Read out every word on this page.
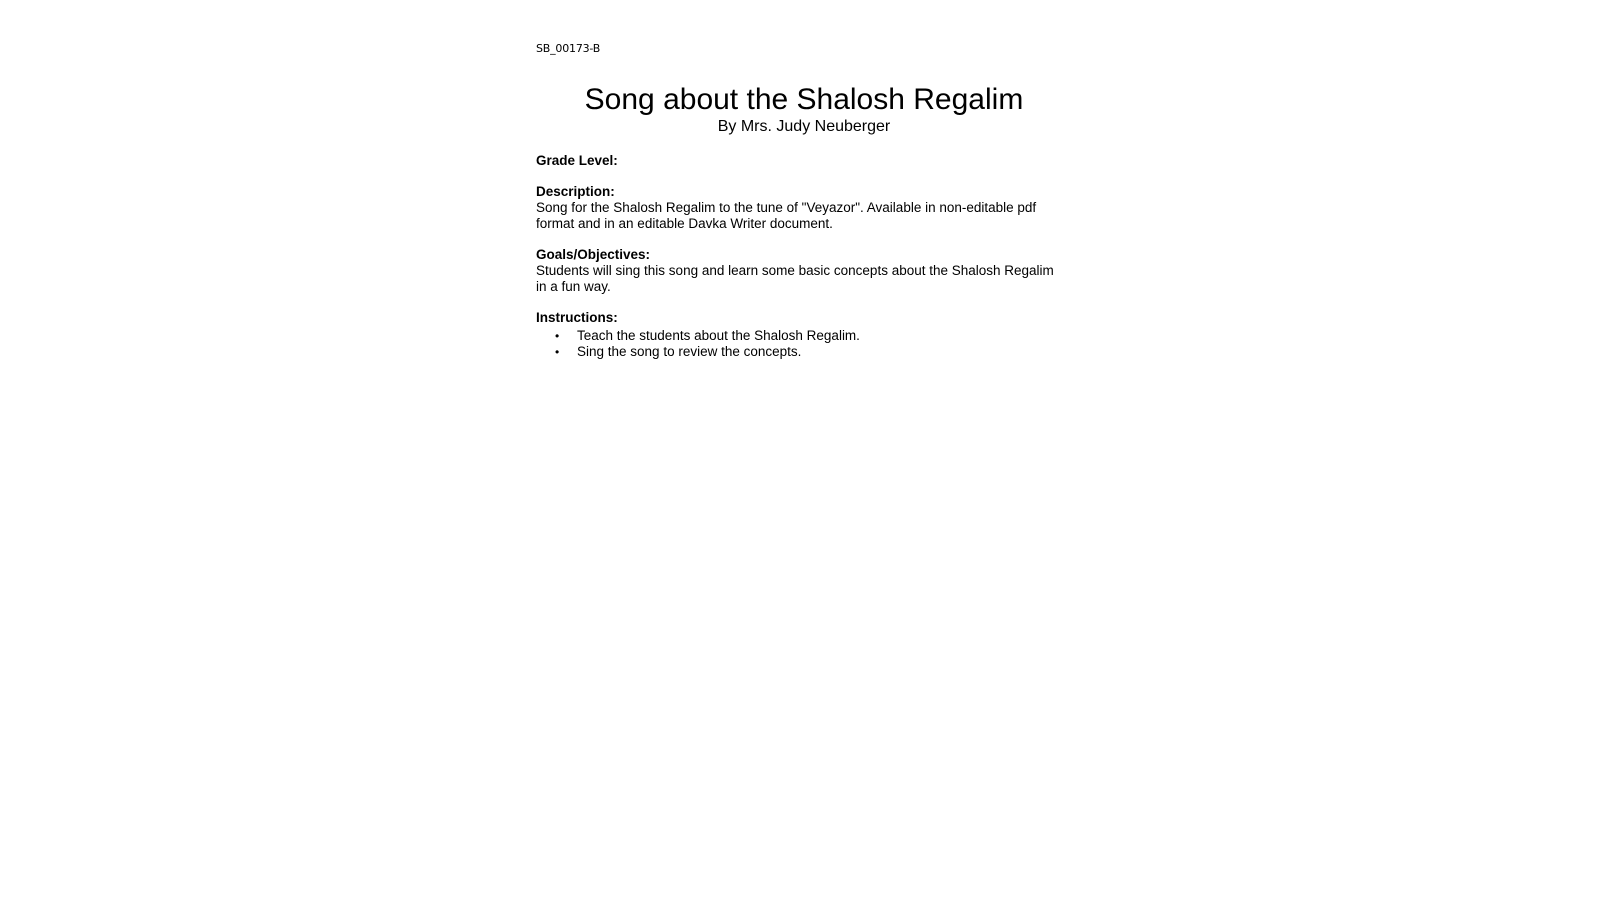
SB_00173-B
Song about the Shalosh Regalim

By Mrs. Judy Neuberger

Grade Level:
Description:
Song for the Shalosh Regalim to the tune of "Veyazor". Available in non-editable pdf
format and in an editable Davka Writer document.
Goals/Objectives:
Students will sing this song and learn some basic concepts about the Shalosh Regalim
in a fun way.
Instructions:
• Teach the students about the Shalosh Regalim.
• Sing the song to review the concepts.
